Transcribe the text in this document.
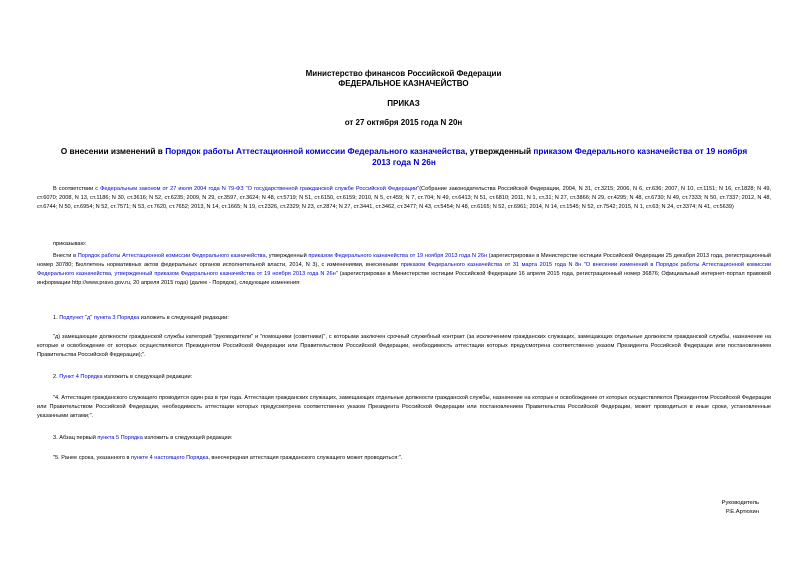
Министерство финансов Российской Федерации
ФЕДЕРАЛЬНОЕ КАЗНАЧЕЙСТВО
ПРИКАЗ
от 27 октября 2015 года N 20н
О внесении изменений в Порядок работы Аттестационной комиссии Федерального казначейства, утвержденный приказом Федерального казначейства от 19 ноября 2013 года N 26н
В соответствии с Федеральным законом от 27 июля 2004 года N 79-ФЗ "О государственной гражданской службе Российской Федерации"(Собрание законодательства Российской Федерации, 2004, N 31, ст.3215; 2006, N 6, ст.636; 2007, N 10, ст.1151; N 16, ст.1828; N 49, ст.6070; 2008, N 13, ст.1186; N 30, ст.3616; N 52, ст.6235; 2009, N 29, ст.3597, ст.3624; N 48, ст.5719; N 51, ст.6150, ст.6159; 2010, N 5, ст.459; N 7, ст.704; N 49, ст.6413; N 51, ст.6810; 2011, N 1, ст.31; N 27, ст.3866; N 29, ст.4295; N 48, ст.6730; N 49, ст.7333; N 50, ст.7337; 2012, N 48, ст.6744; N 50, ст.6954; N 52, ст.7571; N 53, ст.7620, ст.7652; 2013, N 14, ст.1665; N 19, ст.2326, ст.2329; N 23, ст.2874; N 27, ст.3441, ст.3462, ст.3477; N 43, ст.5454; N 48, ст.6165; N 52, ст.6961; 2014, N 14, ст.1545; N 52, ст.7542; 2015, N 1, ст.63; N 24, ст.3374; N 41, ст.5639)
приказываю:
Внести в Порядок работы Аттестационной комиссии Федерального казначейства, утвержденный приказом Федерального казначейства от 19 ноября 2013 года N 26н (зарегистрирован в Министерстве юстиции Российской Федерации 25 декабря 2013 года, регистрационный номер 30780; Бюллетень нормативных актов федеральных органов исполнительной власти, 2014, N 3), с изменениями, внесенными приказом Федерального казначейства от 31 марта 2015 года N 8н "О внесении изменений в Порядок работы Аттестационной комиссии Федерального казначейства, утвержденный приказом Федерального казначейства от 19 ноября 2013 года N 26н" (зарегистрирован в Министерстве юстиции Российской Федерации 16 апреля 2015 года, регистрационный номер 36876; Официальный интернет-портал правовой информации http://www.pravo.gov.ru, 20 апреля 2015 года) (далее - Порядок), следующие изменения:
1. Подпункт "д" пункта 3 Порядка изложить в следующей редакции:
"д) замещающие должности гражданской службы категорий "руководители" и "помощники (советники)", с которыми заключен срочный служебный контракт (за исключением гражданских служащих, замещающих отдельные должности гражданской службы, назначение на которые и освобождение от которых осуществляются Президентом Российской Федерации или Правительством Российской Федерации, необходимость аттестации которых предусмотрена соответственно указом Президента Российской Федерации или постановлением Правительства Российской Федерации);".
2. Пункт 4 Порядка изложить в следующей редакции:
"4. Аттестация гражданского служащего проводится один раз в три года. Аттестация гражданских служащих, замещающих отдельные должности гражданской службы, назначение на которые и освобождение от которых осуществляются Президентом Российской Федерации или Правительством Российской Федерации, необходимость аттестации которых предусмотрена соответственно указом Президента Российской Федерации или постановлением Правительства Российской Федерации, может проводиться в иные сроки, установленные указанными актами;".
3. Абзац первый пункта 5 Порядка изложить в следующей редакции:
"5. Ранее срока, указанного в пункте 4 настоящего Порядка, внеочередная аттестация гражданского служащего может проводиться:".
Руководитель
Р.Е.Артюхин
